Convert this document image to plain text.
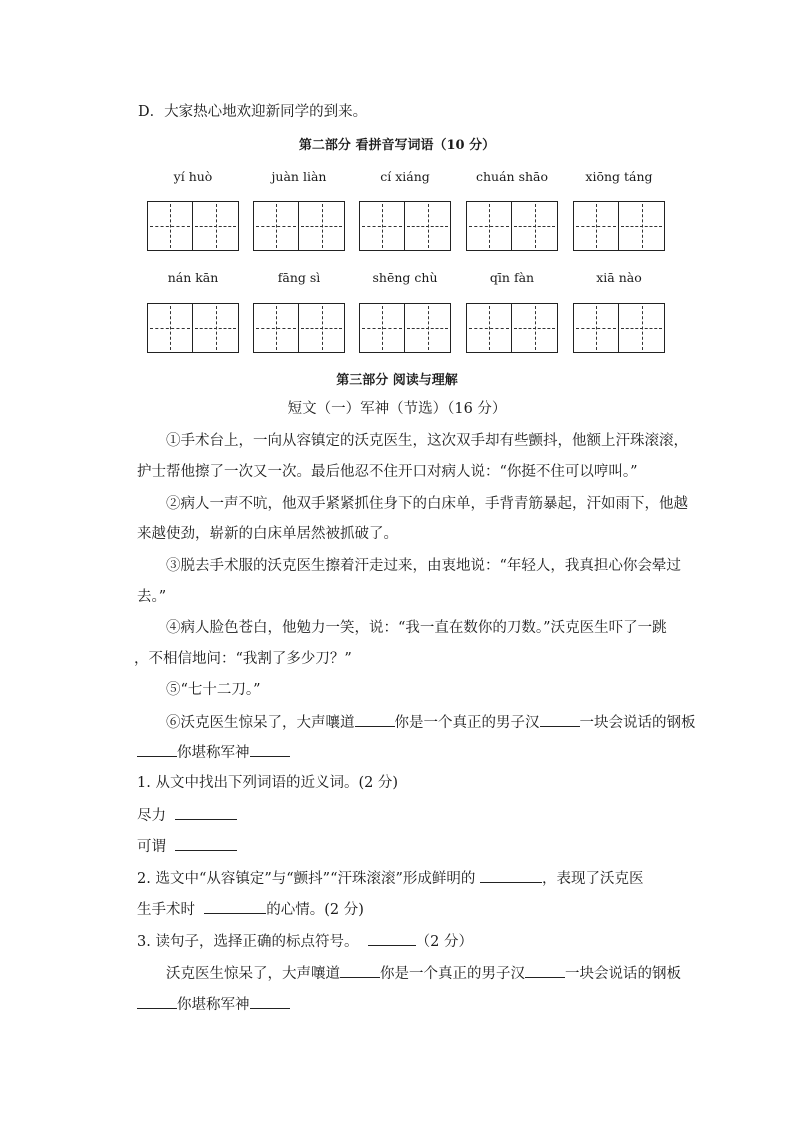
D．大家热心地欢迎新同学的到来。
第二部分 看拼音写词语（10 分）
yí huò	juàn liàn	cí xiáng	chuán shāo	xiōng táng
nán kān	fāng sì	shēng chù	qīn fàn	xiā nào
第三部分 阅读与理解
短文（一）军神（节选）（16 分）
①手术台上，一向从容镇定的沃克医生，这次双手却有些颤抖，他额上汗珠滚滚，
护士帮他擦了一次又一次。最后他忍不住开口对病人说：“你挺不住可以哼叫。”
②病人一声不吭，他双手紧紧抓住身下的白床单，手背青筋暴起，汗如雨下，他越
来越使劲，崭新的白床单居然被抓破了。
③脱去手术服的沃克医生擦着汗走过来，由衷地说：“年轻人，我真担心你会晕过
去。”
④病人脸色苍白，他勉力一笑，说：“我一直在数你的刀数。”沃克医生吓了一跳
，不相信地问：“我割了多少刀？”
⑤“七十二刀。”
⑥沃克医生惊呆了，大声嚷道	你是一个真正的男子汉	一块会说话的钢板
你堪称军神
1. 从文中找出下列词语的近义词。(2 分)
尽力
可谓
2. 选文中“从容镇定”与“颤抖”“汗珠滚滚”形成鲜明的	，表现了沃克医
生手术时	的心情。(2 分)
3. 读句子，选择正确的标点符号。	（2 分）
沃克医生惊呆了，大声嚷道	你是一个真正的男子汉	一块会说话的钢板
你堪称军神
